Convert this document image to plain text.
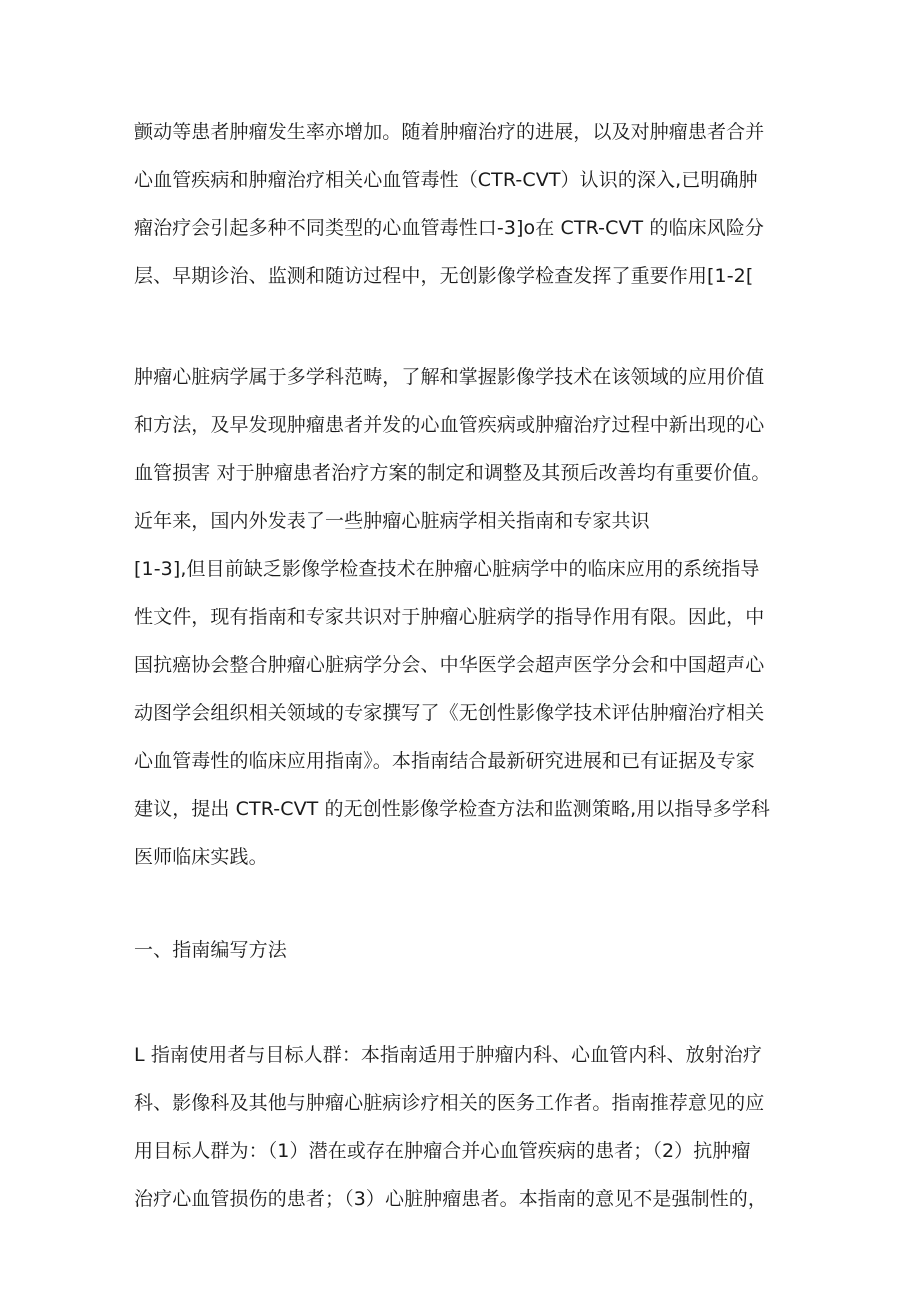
颤动等患者肿瘤发生率亦增加。随着肿瘤治疗的进展，以及对肿瘤患者合并
心血管疾病和肿瘤治疗相关心血管毒性（CTR-CVT）认识的深入,已明确肿
瘤治疗会引起多种不同类型的心血管毒性口-3]o在 CTR-CVT 的临床风险分
层、早期诊治、监测和随访过程中，无创影像学检查发挥了重要作用[1-2[
肿瘤心脏病学属于多学科范畴，了解和掌握影像学技术在该领域的应用价值
和方法，及早发现肿瘤患者并发的心血管疾病或肿瘤治疗过程中新出现的心
血管损害 对于肿瘤患者治疗方案的制定和调整及其预后改善均有重要价值。
近年来，国内外发表了一些肿瘤心脏病学相关指南和专家共识
[1-3],但目前缺乏影像学检查技术在肿瘤心脏病学中的临床应用的系统指导
性文件，现有指南和专家共识对于肿瘤心脏病学的指导作用有限。因此，中
国抗癌协会整合肿瘤心脏病学分会、中华医学会超声医学分会和中国超声心
动图学会组织相关领域的专家撰写了《无创性影像学技术评估肿瘤治疗相关
心血管毒性的临床应用指南》。本指南结合最新研究进展和已有证据及专家
建议，提出 CTR-CVT 的无创性影像学检查方法和监测策略,用以指导多学科
医师临床实践。
一、指南编写方法
L 指南使用者与目标人群：本指南适用于肿瘤内科、心血管内科、放射治疗
科、影像科及其他与肿瘤心脏病诊疗相关的医务工作者。指南推荐意见的应
用目标人群为：（1）潜在或存在肿瘤合并心血管疾病的患者；（2）抗肿瘤
治疗心血管损伤的患者；（3）心脏肿瘤患者。本指南的意见不是强制性的，
